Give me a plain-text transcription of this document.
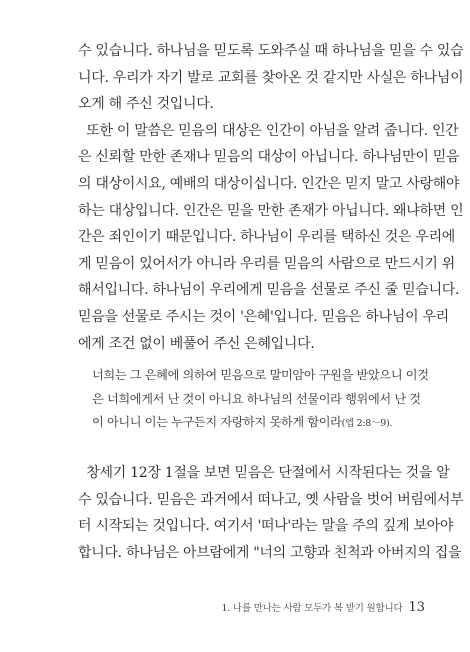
수 있습니다. 하나님을 믿도록 도와주실 때 하나님을 믿을 수 있습
니다. 우리가 자기 발로 교회를 찾아온 것 같지만 사실은 하나님이
오게 해 주신 것입니다.

또한 이 말씀은 믿음의 대상은 인간이 아님을 알려 줍니다. 인간
은 신뢰할 만한 존재나 믿음의 대상이 아닙니다. 하나님만이 믿음
의 대상이시요, 예배의 대상이십니다. 인간은 믿지 말고 사랑해야
하는 대상입니다. 인간은 믿을 만한 존재가 아닙니다. 왜냐하면 인
간은 죄인이기 때문입니다. 하나님이 우리를 택하신 것은 우리에
게 믿음이 있어서가 아니라 우리를 믿음의 사람으로 만드시기 위
해서입니다. 하나님이 우리에게 믿음을 선물로 주신 줄 믿습니다.
믿음을 선물로 주시는 것이 '은혜'입니다. 믿음은 하나님이 우리
에게 조건 없이 베풀어 주신 은혜입니다.

너희는 그 은혜에 의하여 믿음으로 말미암아 구원을 받았으니 이것
은 너희에게서 난 것이 아니요 하나님의 선물이라 행위에서 난 것
이 아니니 이는 누구든지 자랑하지 못하게 함이라(엡 2:8～9).

창세기 12장 1절을 보면 믿음은 단절에서 시작된다는 것을 알
수 있습니다. 믿음은 과거에서 떠나고, 옛 사람을 벗어 버림에서부
터 시작되는 것입니다. 여기서 '떠나'라는 말을 주의 깊게 보아야
합니다. 하나님은 아브람에게 "너의 고향과 친척과 아버지의 집을

1. 나를 만나는 사람 모두가 복 받기 원합니다 13
